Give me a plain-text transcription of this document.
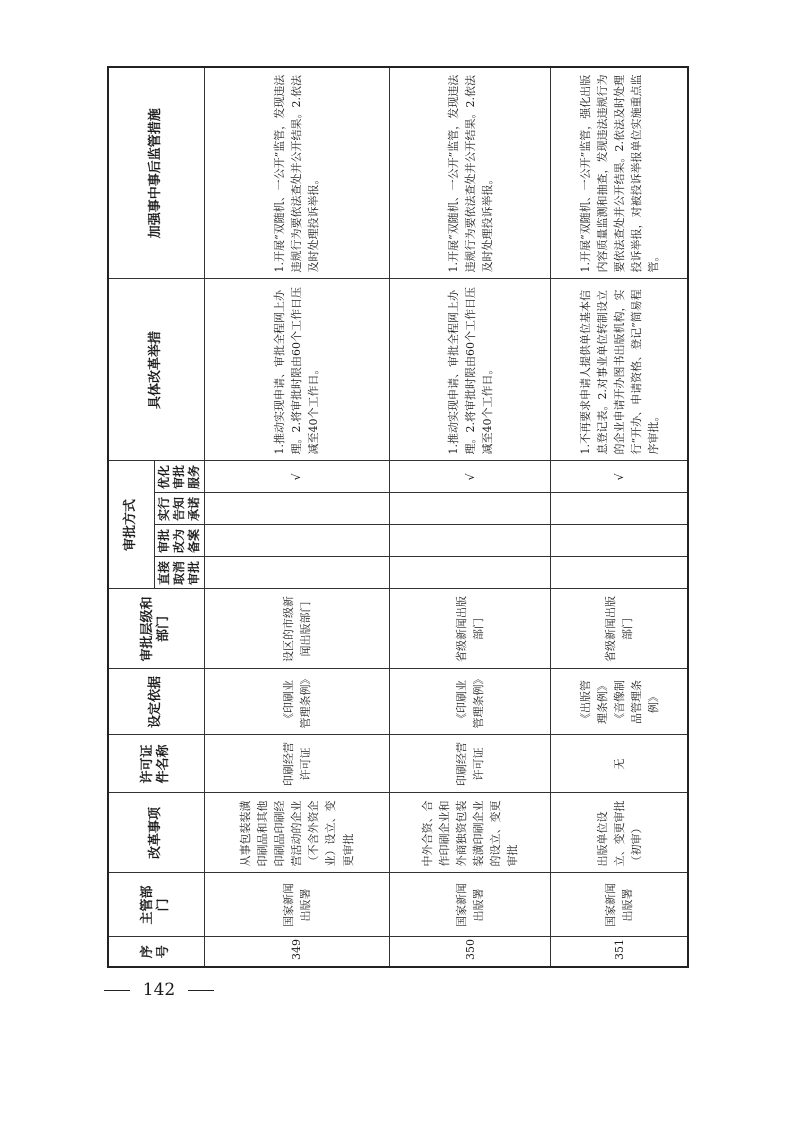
序号	主管部门	改革事项	许可证件名称	设定依据	审批层级和部门	审批方式				具体改革举措	加强事中事后监管措施
						直接取消审批	审批改为备案	实行告知承诺	优化审批服务		
349	国家新闻出版署	从事包装装潢印刷品和其他印刷品印刷经营活动的企业（不含外资企业）设立、变更审批	印刷经营许可证	《印刷业管理条例》	设区的市级新闻出版部门				√	1.推动实现申请、审批全程网上办理。2.将审批时限由60个工作日压减至40个工作日。	1.开展“双随机、一公开”监管，发现违法违规行为要依法查处并公开结果。2.依法及时处理投诉举报。
350	国家新闻出版署	中外合资、合作印刷企业和外商独资包装装潢印刷企业的设立、变更审批	印刷经营许可证	《印刷业管理条例》	省级新闻出版部门				√	1.推动实现申请、审批全程网上办理。2.将审批时限由60个工作日压减至40个工作日。	1.开展“双随机、一公开”监管，发现违法违规行为要依法查处并公开结果。2.依法及时处理投诉举报。
351	国家新闻出版署	出版单位设立、变更审批（初审）	无	《出版管理条例》《音像制品管理条例》	省级新闻出版部门				√	1.不再要求申请人提供单位基本信息登记表。2.对事业单位转制设立的企业申请开办图书出版机构，实行“开办、申请资格、登记”简易程序审批。	1.开展“双随机、一公开”监管，强化出版内容质量监测和抽查，发现违法违规行为要依法查处并公开结果。2.依法及时处理投诉举报，对被投诉举报单位实施重点监管。
142
